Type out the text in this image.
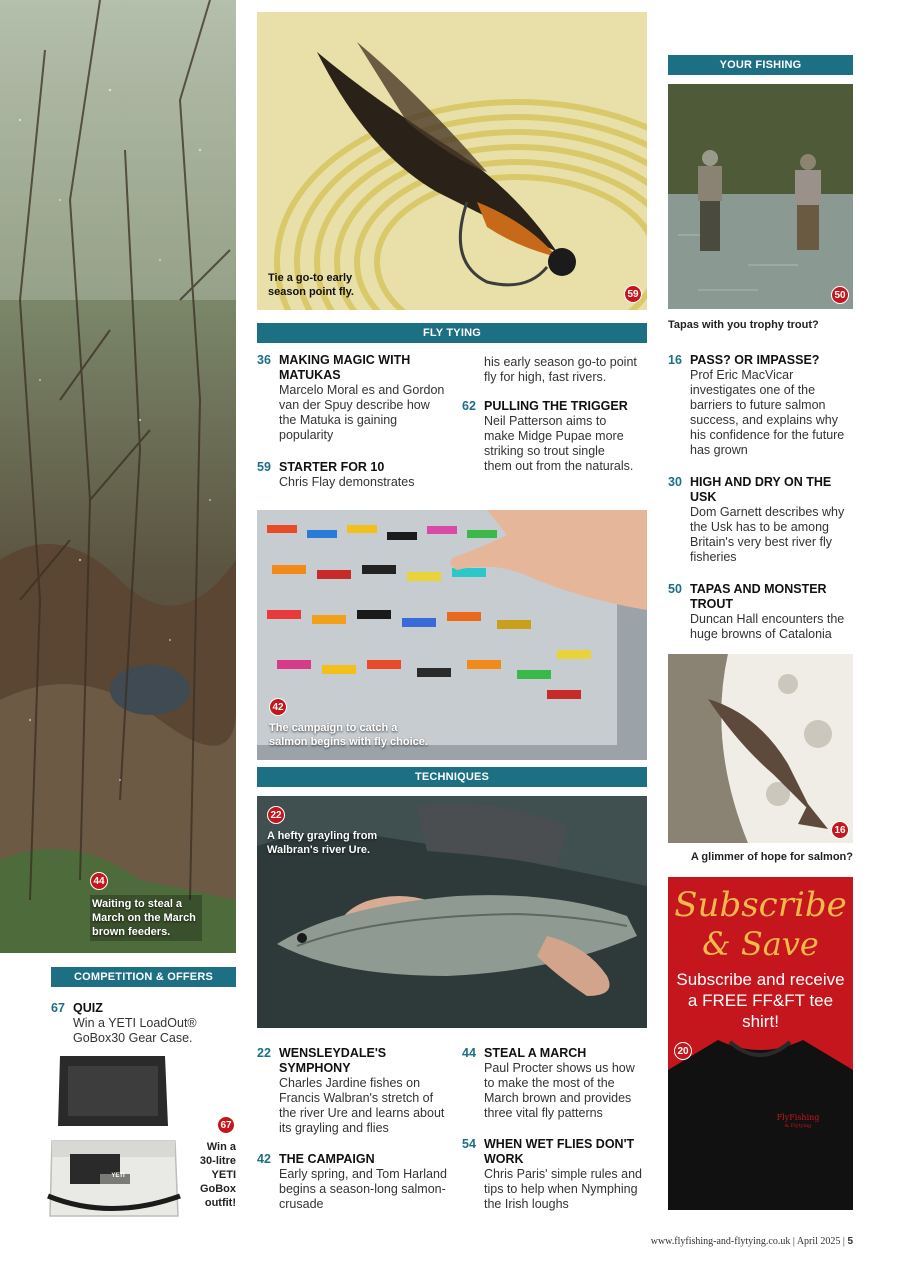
44
Waiting to steal a March on the March brown feeders.
Tie a go-to early season point fly.	59
FLY TYING
36 MAKING MAGIC WITH MATUKAS
Marcelo Moral es and Gordon van der Spuy describe how the Matuka is gaining popularity
59 STARTER FOR 10
Chris Flay demonstrates
his early season go-to point fly for high, fast rivers.
62 PULLING THE TRIGGER
Neil Patterson aims to make Midge Pupae more striking so trout single them out from the naturals.
42
The campaign to catch a salmon begins with fly choice.
TECHNIQUES
22
A hefty grayling from Walbran's river Ure.
22 WENSLEYDALE'S SYMPHONY
Charles Jardine fishes on Francis Walbran's stretch of the river Ure and learns about its grayling and flies
42 THE CAMPAIGN
Early spring, and Tom Harland begins a season-long salmon-crusade
44 STEAL A MARCH
Paul Procter shows us how to make the most of the March brown and provides three vital fly patterns
54 WHEN WET FLIES DON'T WORK
Chris Paris' simple rules and tips to help when Nymphing the Irish loughs
COMPETITION & OFFERS
67 QUIZ
Win a YETI LoadOut® GoBox30 Gear Case.
YETI
67
Win a 30-litre YETI GoBox outfit!
YOUR FISHING
50
Tapas with you trophy trout?
16 PASS? OR IMPASSE?
Prof Eric MacVicar investigates one of the barriers to future salmon success, and explains why his confidence for the future has grown
30 HIGH AND DRY ON THE USK
Dom Garnett describes why the Usk has to be among Britain's very best river fly fisheries
50 TAPAS AND MONSTER TROUT
Duncan Hall encounters the huge browns of Catalonia
16
A glimmer of hope for salmon?
Subscribe
& Save
Subscribe and receive a FREE FF&FT tee shirt!
20
FlyFishing
& Flytying
www.flyfishing-and-flytying.co.uk | April 2025 | 5
